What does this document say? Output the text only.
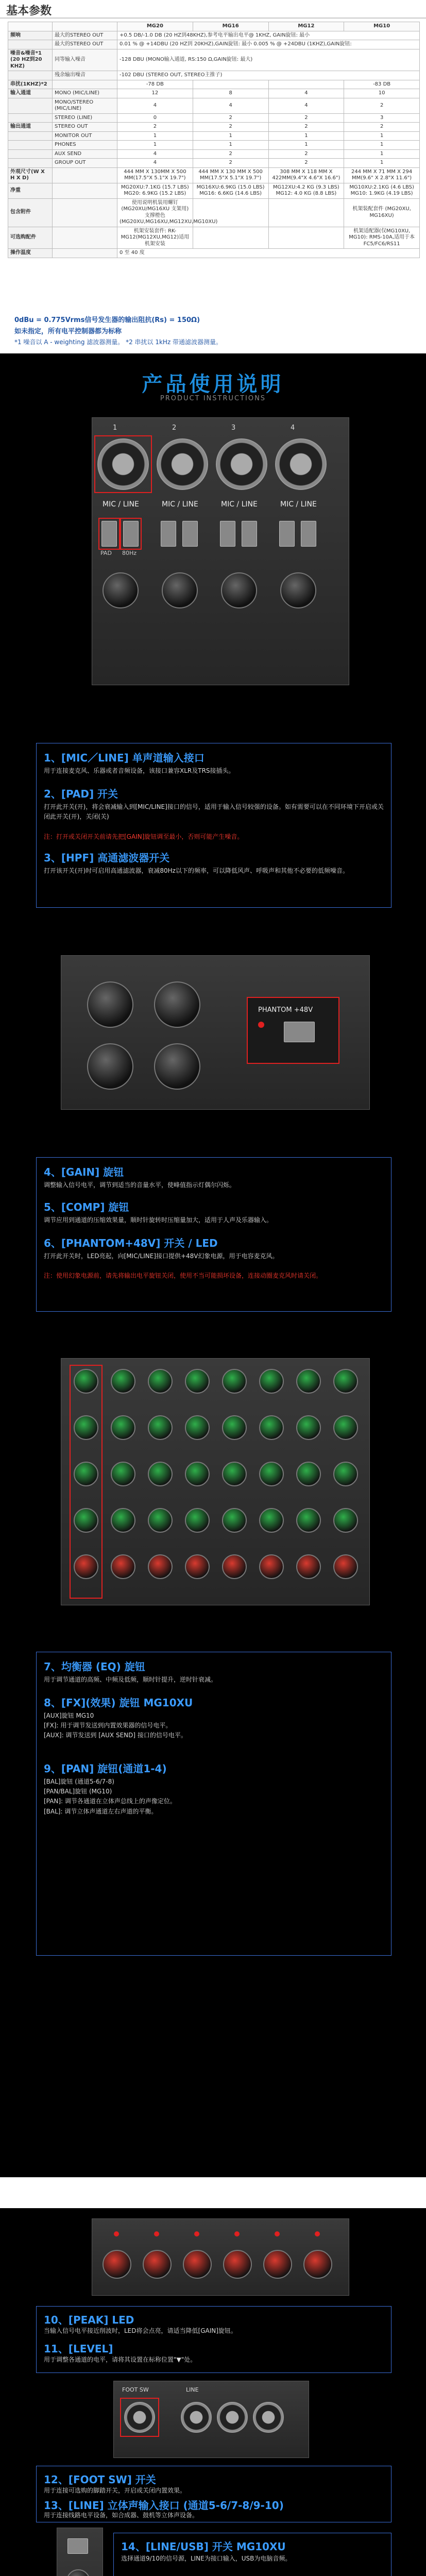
基本参数
		MG20	MG16	MG12	MG10
频响	最大的STEREO OUT	+0.5 DB/-1.0 DB (20 HZ到48KHZ),参考电平输出电平@ 1KHZ, GAIN旋钮: 最小			
	最大的STEREO OUT	0.01 % @ +14DBU (20 HZ到 20KHZ),GAIN旋钮: 最小 0.005 % @ +24DBU (1KHZ),GAIN旋钮:			
噪音&噪音*1 (20 HZ到20 KHZ)	同等输入噪音	-128 DBU (MONO输入通道, RS:150 Ω,GAIN旋钮: 最大)			
	残余输出噪音	-102 DBU (STEREO OUT, STEREO主推子)			
串扰(1KHZ)*2		-78 DB			-83 DB
输入通道	MONO (MIC/LINE)	12	8	4	10
	MONO/STEREO (MIC/LINE)	4	4	4	2
	STEREO (LINE)	0	2	2	3
输出通道	STEREO OUT	2	2	2	2
	MONITOR OUT	1	1	1	1
	PHONES	1	1	1	1
	AUX SEND	4	2	2	1
	GROUP OUT	4	2	2	1
外观尺寸(W X H X D)		444 MM X 130MM X 500 MM(17.5"X 5.1"X 19.7")	444 MM X 130 MM X 500 MM(17.5"X 5.1"X 19.7")	308 MM X 118 MM X 422MM(9.4"X 4.6"X 16.6")	244 MM X 71 MM X 294 MM(9.6" X 2.8"X 11.6")
净重		MG20XU:7.1KG (15.7 LBS) MG20: 6.9KG (15.2 LBS)	MG16XU:6.9KG (15.0 LBS) MG16: 6.6KG (14.6 LBS)	MG12XU:4.2 KG (9.3 LBS) MG12: 4.0 KG (8.8 LBS)	MG10XU:2.1KG (4.6 LBS) MG10: 1.9KG (4.19 LBS)
包含附件		使用说明机装用螺钉(MG20XU/MG16XU 支架用) 支撑橙色(MG20XU,MG16XU,MG12XU,MG10XU)			机架装配套件 (MG20XU, MG16XU)
可选购配件		机架安装套件: RK-MG12(MG12XU,MG12)适用机架安装			机架适配器(仅MG10XU, MG10): RMS-10A,适用于本 FC5/FC6/RS11
操作温度		0 至 40 度			
0dBu = 0.775Vrms信号发生器的输出阻抗(Rs) = 150Ω)
如未指定，所有电平控制器都为标称
*1 噪音以 A - weighting 滤波器测量。 *2 串扰以 1kHz 带通滤波器测量。
产品使用说明
PRODUCT INSTRUCTIONS
1	2	3	4
MIC / LINE	MIC / LINE	MIC / LINE	MIC / LINE
PAD 80Hz
1、[MIC／LINE] 单声道输入接口
用于连接麦克风、乐器或者音频设备，该接口兼容XLR及TRS接插头。
2、[PAD] 开关
打开此开关(开)，将会衰减输入到[MIC/LINE]接口的信号，适用于输入信号较强的设备。如有需要可以在不同环境下开启或关闭此开关(开)，关闭(关)
注：打开或关闭开关前请先把[GAIN]旋钮调至最小，否则可能产生噪音。
3、[HPF] 高通滤波器开关
打开该开关(开)时可启用高通滤波器，衰减80Hz以下的频率，可以降低风声、呼吸声和其他不必要的低频噪音。
PHANTOM +48V
4、[GAIN] 旋钮
调整输入信号电平，调节到适当的音量水平，使峰值指示灯偶尔闪烁。
5、[COMP] 旋钮
调节应用到通道的压缩效果量，顺时针旋转时压缩量加大，适用于人声及乐器输入。
6、[PHANTOM+48V] 开关 / LED
打开此开关时，LED亮起，向[MIC/LINE]接口提供+48V幻象电源，用于电容麦克风。
注：使用幻象电源前，请先将输出电平旋钮关闭，使用不当可能损坏设备，连接动圈麦克风时请关闭。
7、均衡器 (EQ) 旋钮
用于调节通道的高频、中频及低频，顺时针提升，逆时针衰减。
8、[FX](效果) 旋钮 MG10XU
[AUX]旋钮 MG10
[FX]: 用于调节发送到内置效果器的信号电平。
[AUX]: 调节发送到 [AUX SEND] 接口的信号电平。
9、[PAN] 旋钮(通道1-4)
[BAL]旋钮 (通道5-6/7-8)
[PAN/BAL]旋钮 (MG10)
[PAN]: 调节各通道在立体声总线上的声像定位。
[BAL]: 调节立体声通道左右声道的平衡。
10、[PEAK] LED
当输入信号电平接近削波时，LED将会点亮，请适当降低[GAIN]旋钮。
11、[LEVEL]
用于调整各通道的电平，请将其设置在标称位置"▼"处。
FOOT SW	LINE
12、[FOOT SW] 开关
用于连接可选购的脚踏开关，开启或关闭内置效果。
13、[LINE] 立体声输入接口 (通道5-6/7-8/9-10)
用于连接线路电平设备，如合成器、鼓机等立体声设备。
14、[LINE/USB] 开关 MG10XU
选择通道9/10的信号源，LINE为接口输入，USB为电脑音频。
